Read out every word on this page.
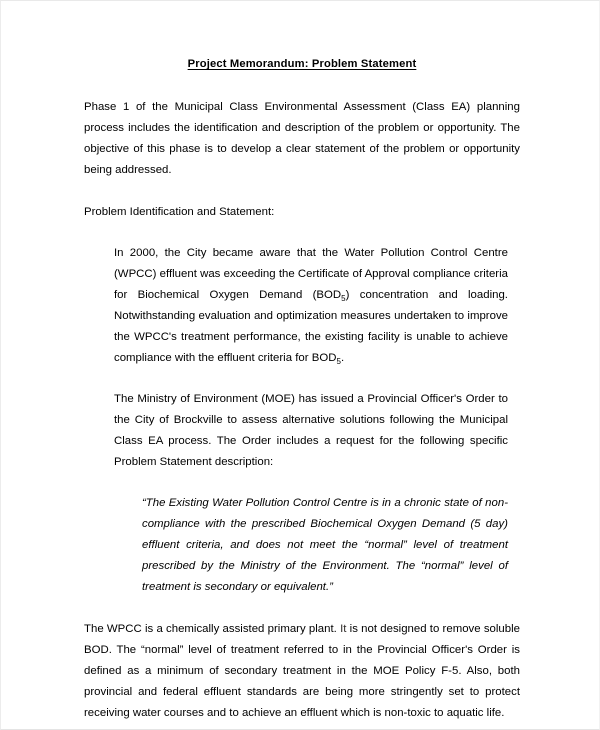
Project Memorandum: Problem Statement

Phase 1 of the Municipal Class Environmental Assessment (Class EA) planning process includes the identification and description of the problem or opportunity. The objective of this phase is to develop a clear statement of the problem or opportunity being addressed.

Problem Identification and Statement:

In 2000, the City became aware that the Water Pollution Control Centre (WPCC) effluent was exceeding the Certificate of Approval compliance criteria for Biochemical Oxygen Demand $(BOD_5)$ concentration and loading. Notwithstanding evaluation and optimization measures undertaken to improve the WPCC's treatment performance, the existing facility is unable to achieve compliance with the effluent criteria for $BOD_5$.

The Ministry of Environment (MOE) has issued a Provincial Officer's Order to the City of Brockville to assess alternative solutions following the Municipal Class EA process. The Order includes a request for the following specific Problem Statement description:

“The Existing Water Pollution Control Centre is in a chronic state of non-compliance with the prescribed Biochemical Oxygen Demand (5 day) effluent criteria, and does not meet the “normal” level of treatment prescribed by the Ministry of the Environment. The “normal” level of treatment is secondary or equivalent.”

The WPCC is a chemically assisted primary plant. It is not designed to remove soluble BOD. The “normal” level of treatment referred to in the Provincial Officer's Order is defined as a minimum of secondary treatment in the MOE Policy F-5. Also, both provincial and federal effluent standards are being more stringently set to protect receiving water courses and to achieve an effluent which is non-toxic to aquatic life.
